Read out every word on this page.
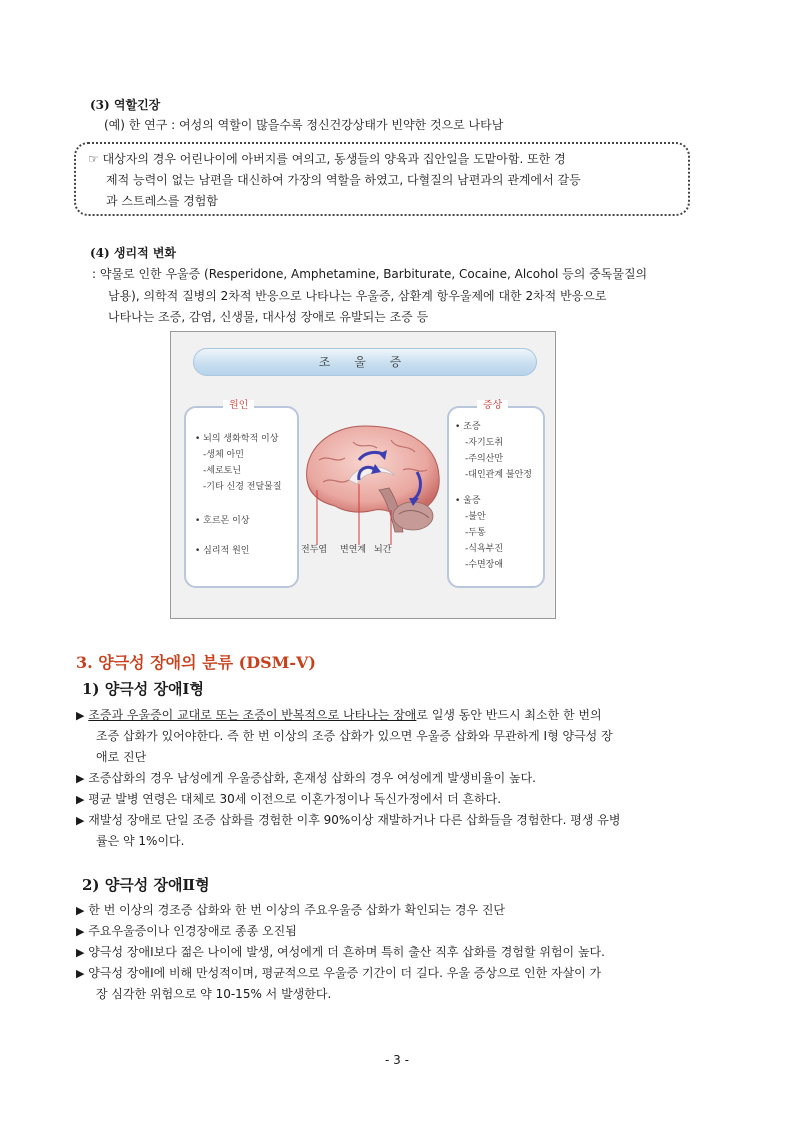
(3) 역할긴장
(예) 한 연구 : 여성의 역할이 많을수록 정신건강상태가 빈약한 것으로 나타남
☞ 대상자의 경우 어린나이에 아버지를 여의고, 동생들의 양육과 집안일을 도맡아함. 또한 경
제적 능력이 없는 남편을 대신하여 가장의 역할을 하였고, 다혈질의 남편과의 관계에서 갈등
과 스트레스를 경험함
(4) 생리적 변화
: 약물로 인한 우울증 (Resperidone, Amphetamine, Barbiturate, Cocaine, Alcohol 등의 중독물질의
남용), 의학적 질병의 2차적 반응으로 나타나는 우울증, 삼환계 항우울제에 대한 2차적 반응으로
나타나는 조증, 감염, 신생물, 대사성 장애로 유발되는 조증 등
조 울 증
원인
• 뇌의 생화학적 이상
-생체 아민
-세로토닌
-기타 신경 전달물질
• 호르몬 이상
• 심리적 원인
증상
• 조증
-자기도취
-주의산만
-대인관계 불안정
• 울증
-불안
-두통
-식욕부진
-수면장애
전두엽 변연계 뇌간
3. 양극성 장애의 분류 (DSM-Ⅴ)
1) 양극성 장애Ⅰ형
▶ 조증과 우울증이 교대로 또는 조증이 반복적으로 나타나는 장애로 일생 동안 반드시 최소한 한 번의
조증 삽화가 있어야한다. 즉 한 번 이상의 조증 삽화가 있으면 우울증 삽화와 무관하게 Ⅰ형 양극성 장
애로 진단
▶ 조증삽화의 경우 남성에게 우울증삽화, 혼재성 삽화의 경우 여성에게 발생비율이 높다.
▶ 평균 발병 연령은 대체로 30세 이전으로 이혼가정이나 독신가정에서 더 흔하다.
▶ 재발성 장애로 단일 조증 삽화를 경험한 이후 90%이상 재발하거나 다른 삽화들을 경험한다. 평생 유병
률은 약 1%이다.
2) 양극성 장애Ⅱ형
▶ 한 번 이상의 경조증 삽화와 한 번 이상의 주요우울증 삽화가 확인되는 경우 진단
▶ 주요우울증이나 인경장애로 종종 오진됨
▶ 양극성 장애Ⅰ보다 젊은 나이에 발생, 여성에게 더 흔하며 특히 출산 직후 삽화를 경험할 위험이 높다.
▶ 양극성 장애Ⅰ에 비해 만성적이며, 평균적으로 우울증 기간이 더 길다. 우울 증상으로 인한 자살이 가
장 심각한 위험으로 약 10-15% 서 발생한다.
- 3 -
